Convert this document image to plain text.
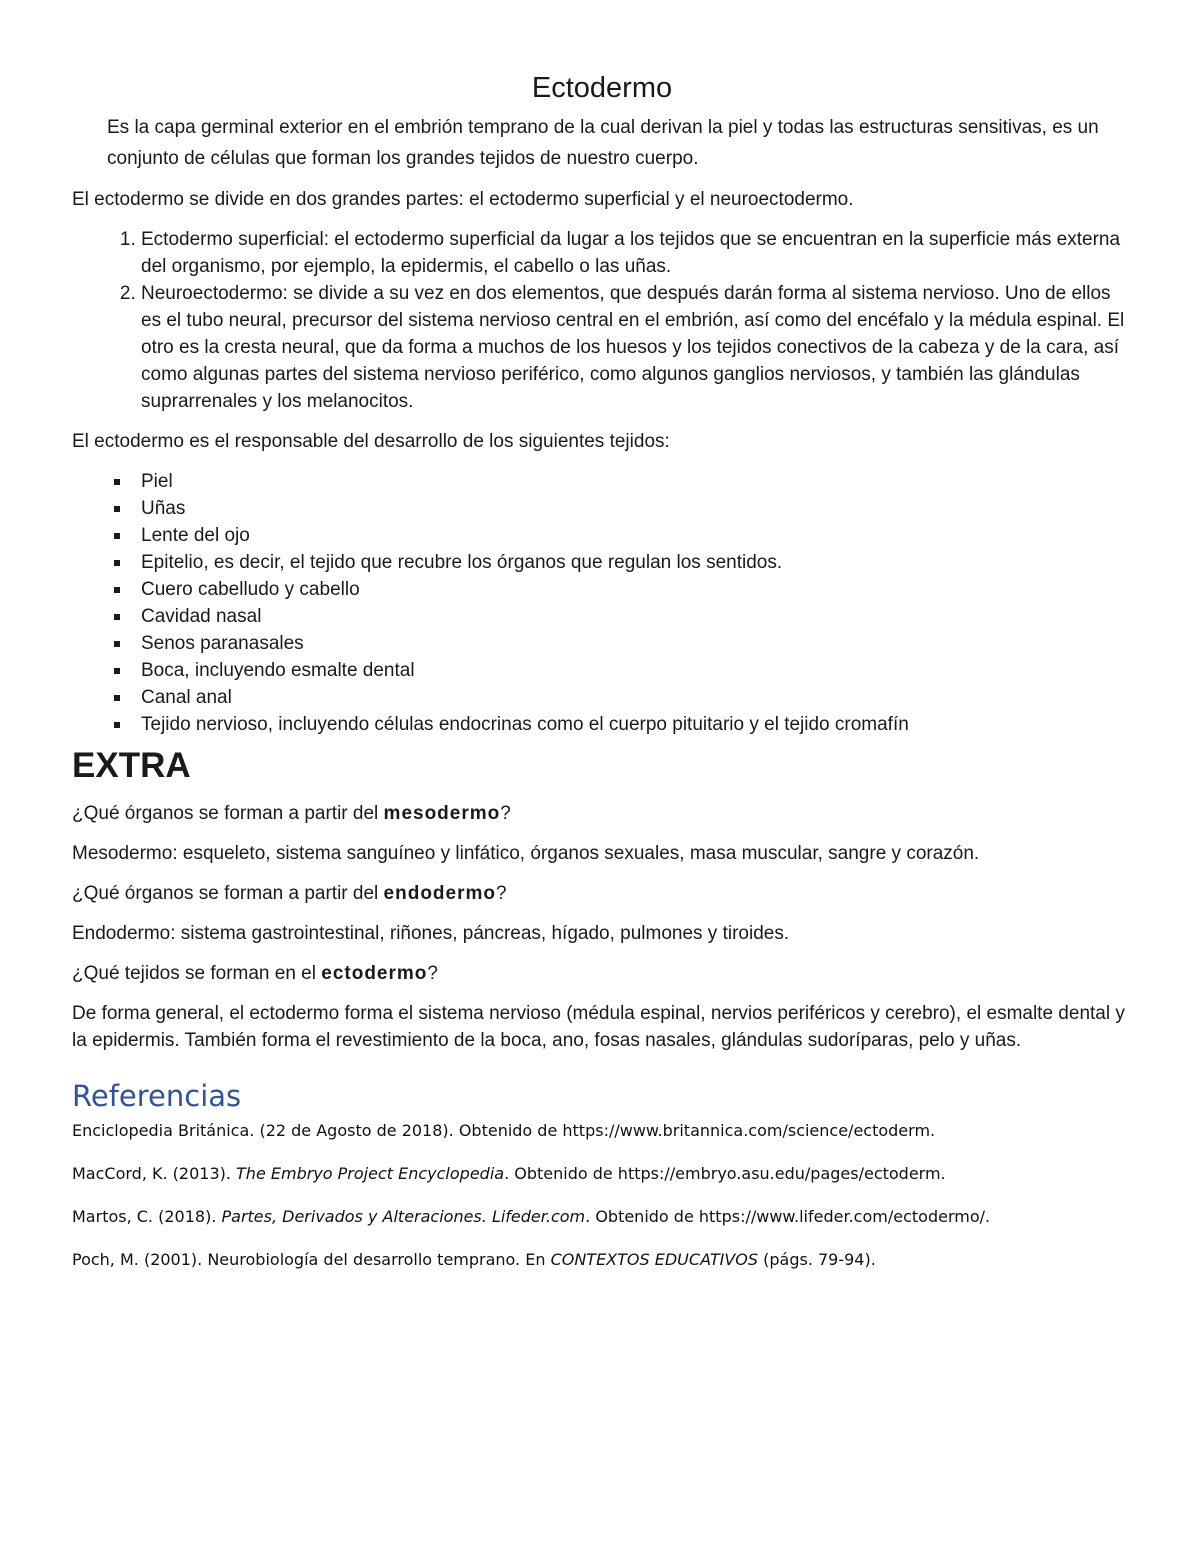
Ectodermo

Es la capa germinal exterior en el embrión temprano de la cual derivan la piel y todas las estructuras sensitivas, es un conjunto de células que forman los grandes tejidos de nuestro cuerpo.

El ectodermo se divide en dos grandes partes: el ectodermo superficial y el neuroectodermo.

1. Ectodermo superficial: el ectodermo superficial da lugar a los tejidos que se encuentran en la superficie más externa del organismo, por ejemplo, la epidermis, el cabello o las uñas.
2. Neuroectodermo: se divide a su vez en dos elementos, que después darán forma al sistema nervioso. Uno de ellos es el tubo neural, precursor del sistema nervioso central en el embrión, así como del encéfalo y la médula espinal. El otro es la cresta neural, que da forma a muchos de los huesos y los tejidos conectivos de la cabeza y de la cara, así como algunas partes del sistema nervioso periférico, como algunos ganglios nerviosos, y también las glándulas suprarrenales y los melanocitos.

El ectodermo es el responsable del desarrollo de los siguientes tejidos:

Piel
Uñas
Lente del ojo
Epitelio, es decir, el tejido que recubre los órganos que regulan los sentidos.
Cuero cabelludo y cabello
Cavidad nasal
Senos paranasales
Boca, incluyendo esmalte dental
Canal anal
Tejido nervioso, incluyendo células endocrinas como el cuerpo pituitario y el tejido cromafín
EXTRA

¿Qué órganos se forman a partir del mesodermo?

Mesodermo: esqueleto, sistema sanguíneo y linfático, órganos sexuales, masa muscular, sangre y corazón.

¿Qué órganos se forman a partir del endodermo?

Endodermo: sistema gastrointestinal, riñones, páncreas, hígado, pulmones y tiroides.

¿Qué tejidos se forman en el ectodermo?

De forma general, el ectodermo forma el sistema nervioso (médula espinal, nervios periféricos y cerebro), el esmalte dental y la epidermis. También forma el revestimiento de la boca, ano, fosas nasales, glándulas sudoríparas, pelo y uñas.

Referencias

Enciclopedia Británica. (22 de Agosto de 2018). Obtenido de https://www.britannica.com/science/ectoderm.

MacCord, K. (2013). The Embryo Project Encyclopedia. Obtenido de https://embryo.asu.edu/pages/ectoderm.

Martos, C. (2018). Partes, Derivados y Alteraciones. Lifeder.com. Obtenido de https://www.lifeder.com/ectodermo/.

Poch, M. (2001). Neurobiología del desarrollo temprano. En CONTEXTOS EDUCATIVOS (págs. 79-94).
